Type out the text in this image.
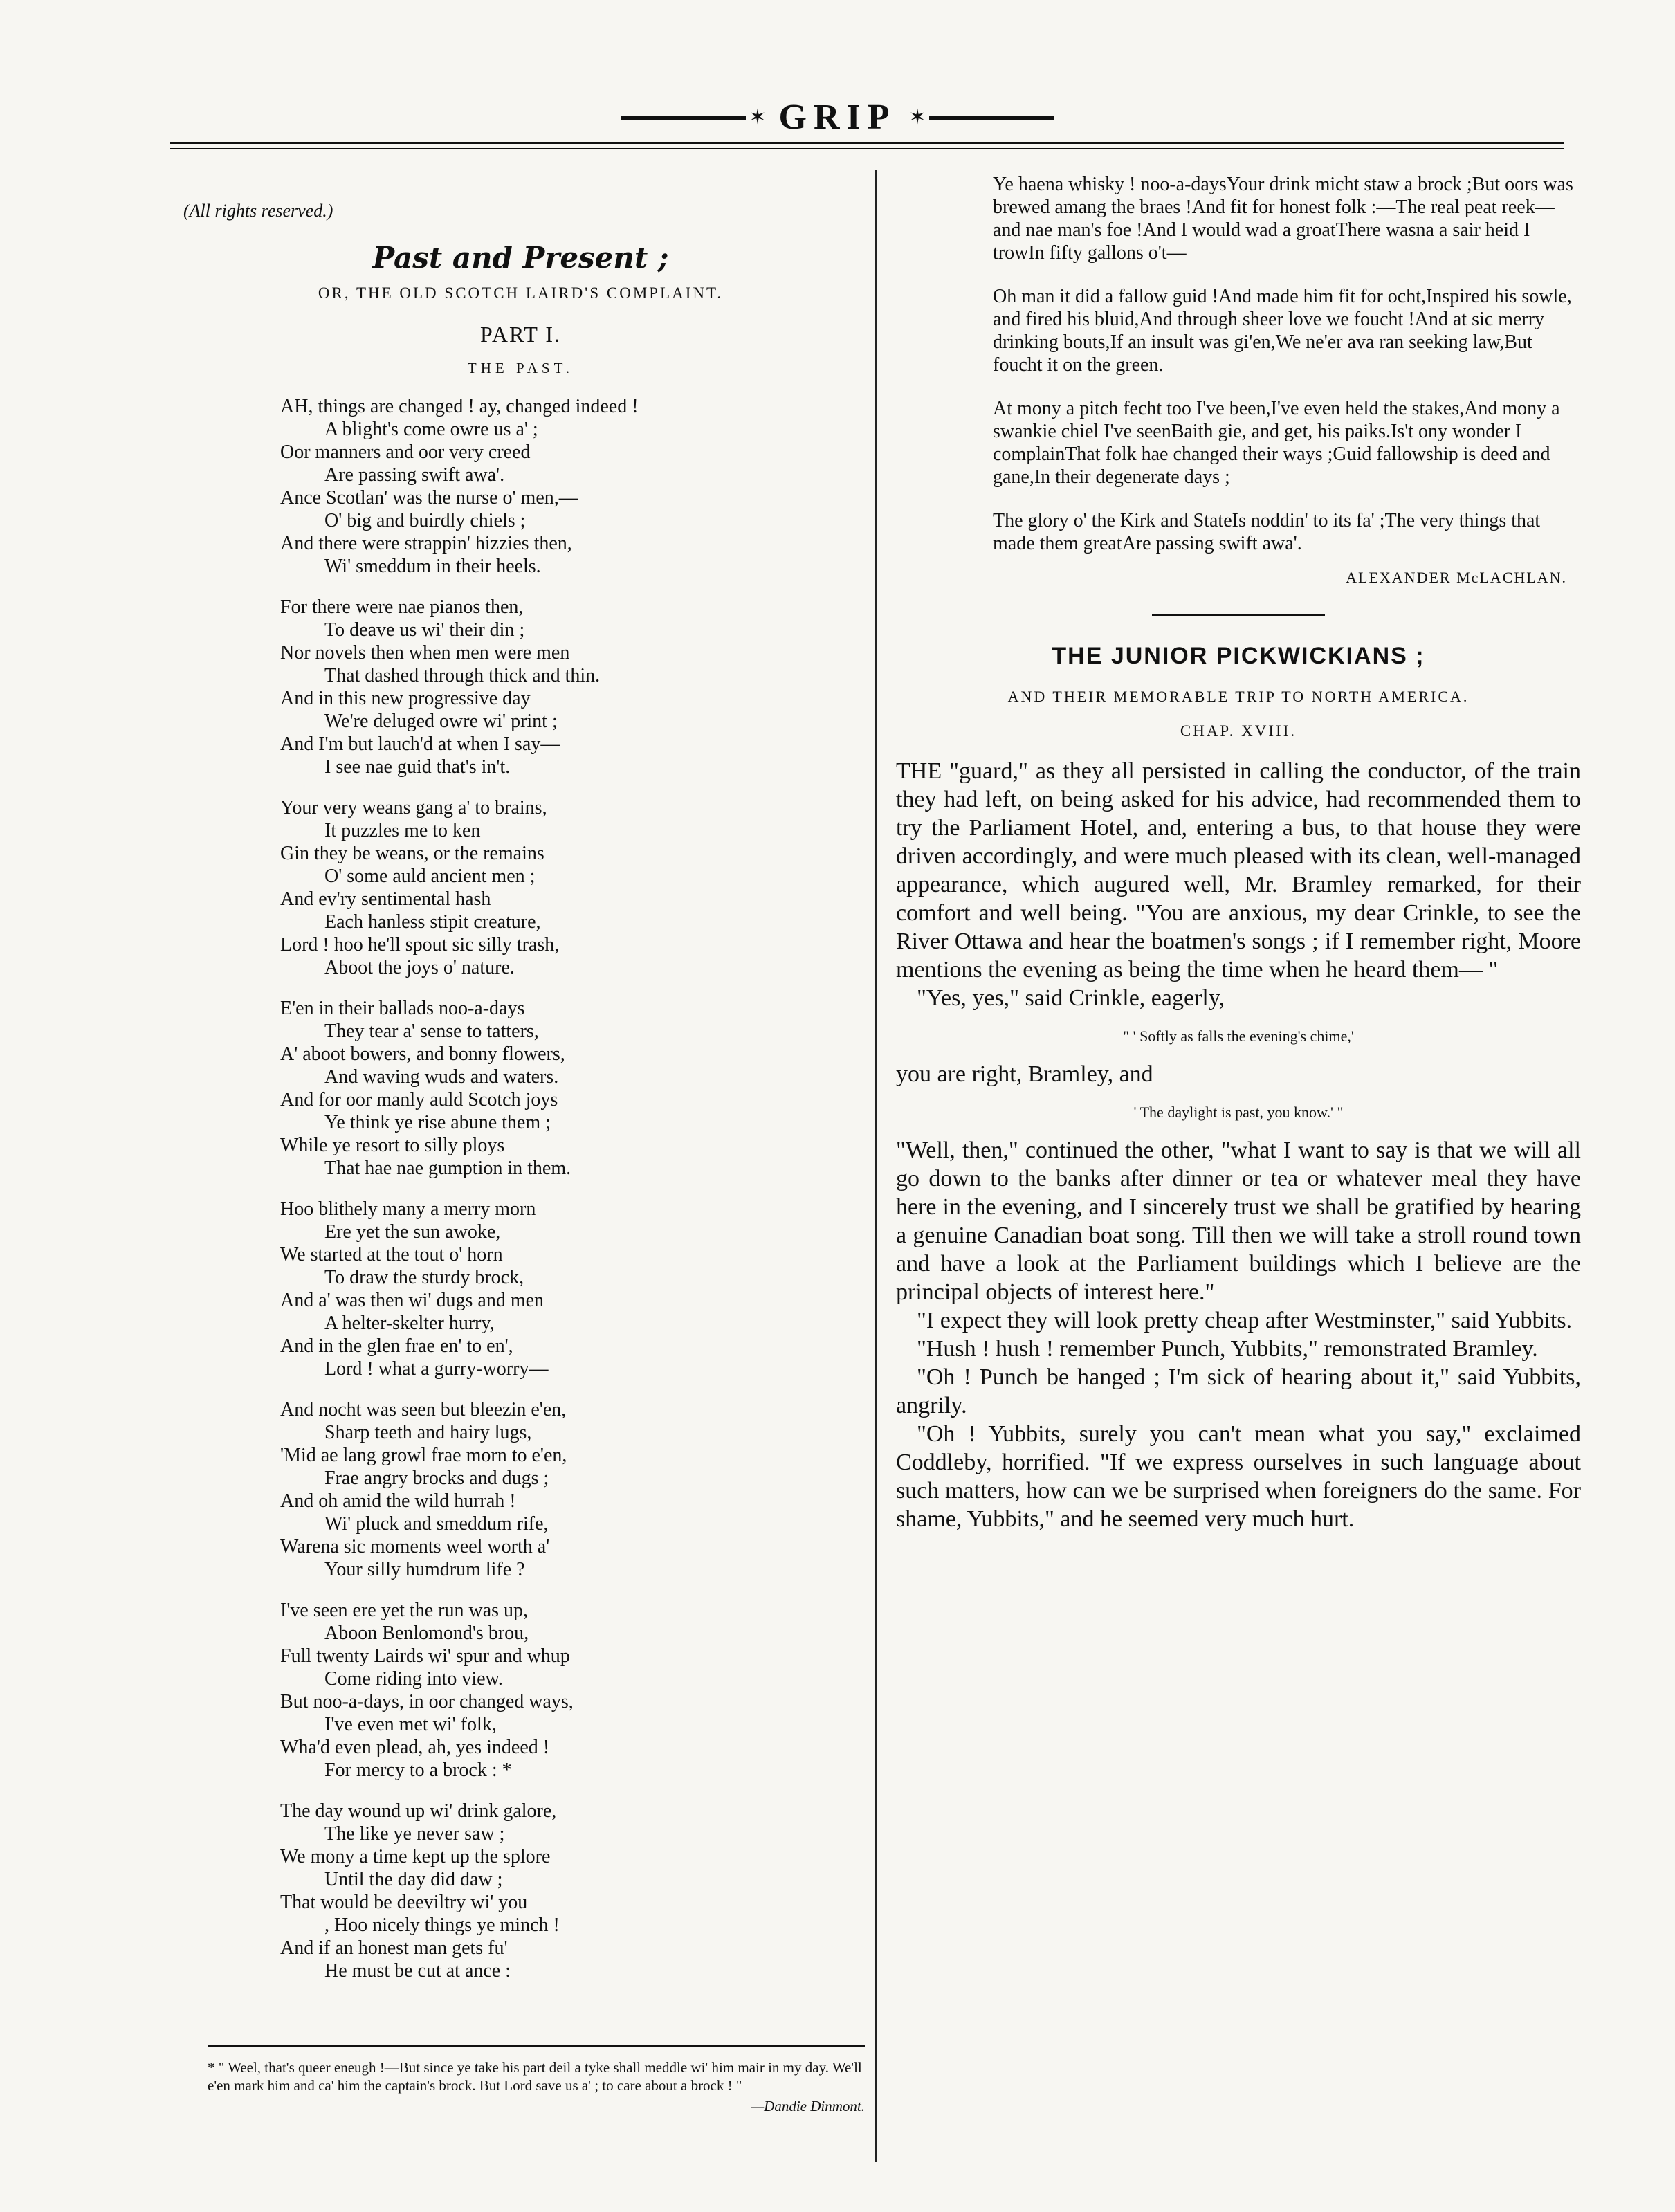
✶ GRIP ✶
(All rights reserved.)
Past and Present ;
OR, THE OLD SCOTCH LAIRD'S COMPLAINT.
PART I.
THE PAST.
AH, things are changed ! ay, changed indeed !
A blight's come owre us a' ;
Oor manners and oor very creed
Are passing swift awa'.
Ance Scotlan' was the nurse o' men,—
O' big and buirdly chiels ;
And there were strappin' hizzies then,
Wi' smeddum in their heels.
For there were nae pianos then,
To deave us wi' their din ;
Nor novels then when men were men
That dashed through thick and thin.
And in this new progressive day
We're deluged owre wi' print ;
And I'm but lauch'd at when I say—
I see nae guid that's in't.
Your very weans gang a' to brains,
It puzzles me to ken
Gin they be weans, or the remains
O' some auld ancient men ;
And ev'ry sentimental hash
Each hanless stipit creature,
Lord ! hoo he'll spout sic silly trash,
Aboot the joys o' nature.
E'en in their ballads noo-a-days
They tear a' sense to tatters,
A' aboot bowers, and bonny flowers,
And waving wuds and waters.
And for oor manly auld Scotch joys
Ye think ye rise abune them ;
While ye resort to silly ploys
That hae nae gumption in them.
Hoo blithely many a merry morn
Ere yet the sun awoke,
We started at the tout o' horn
To draw the sturdy brock,
And a' was then wi' dugs and men
A helter-skelter hurry,
And in the glen frae en' to en',
Lord ! what a gurry-worry—
And nocht was seen but bleezin e'en,
Sharp teeth and hairy lugs,
'Mid ae lang growl frae morn to e'en,
Frae angry brocks and dugs ;
And oh amid the wild hurrah !
Wi' pluck and smeddum rife,
Warena sic moments weel worth a'
Your silly humdrum life ?
I've seen ere yet the run was up,
Aboon Benlomond's brou,
Full twenty Lairds wi' spur and whup
Come riding into view.
But noo-a-days, in oor changed ways,
I've even met wi' folk,
Wha'd even plead, ah, yes indeed !
For mercy to a brock : *
The day wound up wi' drink galore,
The like ye never saw ;
We mony a time kept up the splore
Until the day did daw ;
That would be deeviltry wi' you
, Hoo nicely things ye minch !
And if an honest man gets fu'
He must be cut at ance :
* " Weel, that's queer eneugh !—But since ye take his part deil a tyke shall meddle wi' him mair in my day. We'll e'en mark him and ca' him the captain's brock. But Lord save us a' ; to care about a brock ! "
—Dandie Dinmont.
Ye haena whisky ! noo-a-daysYour drink micht staw a brock ;But oors was brewed amang the braes !And fit for honest folk :—The real peat reek—and nae man's foe !And I would wad a groatThere wasna a sair heid I trowIn fifty gallons o't—
Oh man it did a fallow guid !And made him fit for ocht,Inspired his sowle, and fired his bluid,And through sheer love we foucht !And at sic merry drinking bouts,If an insult was gi'en,We ne'er ava ran seeking law,But foucht it on the green.
At mony a pitch fecht too I've been,I've even held the stakes,And mony a swankie chiel I've seenBaith gie, and get, his paiks.Is't ony wonder I complainThat folk hae changed their ways ;Guid fallowship is deed and gane,In their degenerate days ;
The glory o' the Kirk and StateIs noddin' to its fa' ;The very things that made them greatAre passing swift awa'.
ALEXANDER McLACHLAN.
THE JUNIOR PICKWICKIANS ;
AND THEIR MEMORABLE TRIP TO NORTH AMERICA.
CHAP. XVIII.

THE "guard," as they all persisted in calling the conductor, of the train they had left, on being asked for his advice, had recommended them to try the Parliament Hotel, and, entering a bus, to that house they were driven accordingly, and were much pleased with its clean, well-managed appearance, which augured well, Mr. Bramley remarked, for their comfort and well being. "You are anxious, my dear Crinkle, to see the River Ottawa and hear the boatmen's songs ; if I remember right, Moore mentions the evening as being the time when he heard them— "

"Yes, yes," said Crinkle, eagerly,

" ' Softly as falls the evening's chime,'

you are right, Bramley, and

' The daylight is past, you know.' "

"Well, then," continued the other, "what I want to say is that we will all go down to the banks after dinner or tea or whatever meal they have here in the evening, and I sincerely trust we shall be gratified by hearing a genuine Canadian boat song. Till then we will take a stroll round town and have a look at the Parliament buildings which I believe are the principal objects of interest here."

"I expect they will look pretty cheap after Westminster," said Yubbits.

"Hush ! hush ! remember Punch, Yubbits," remonstrated Bramley.

"Oh ! Punch be hanged ; I'm sick of hearing about it," said Yubbits, angrily.

"Oh ! Yubbits, surely you can't mean what you say," exclaimed Coddleby, horrified. "If we express ourselves in such language about such matters, how can we be surprised when foreigners do the same. For shame, Yubbits," and he seemed very much hurt.
